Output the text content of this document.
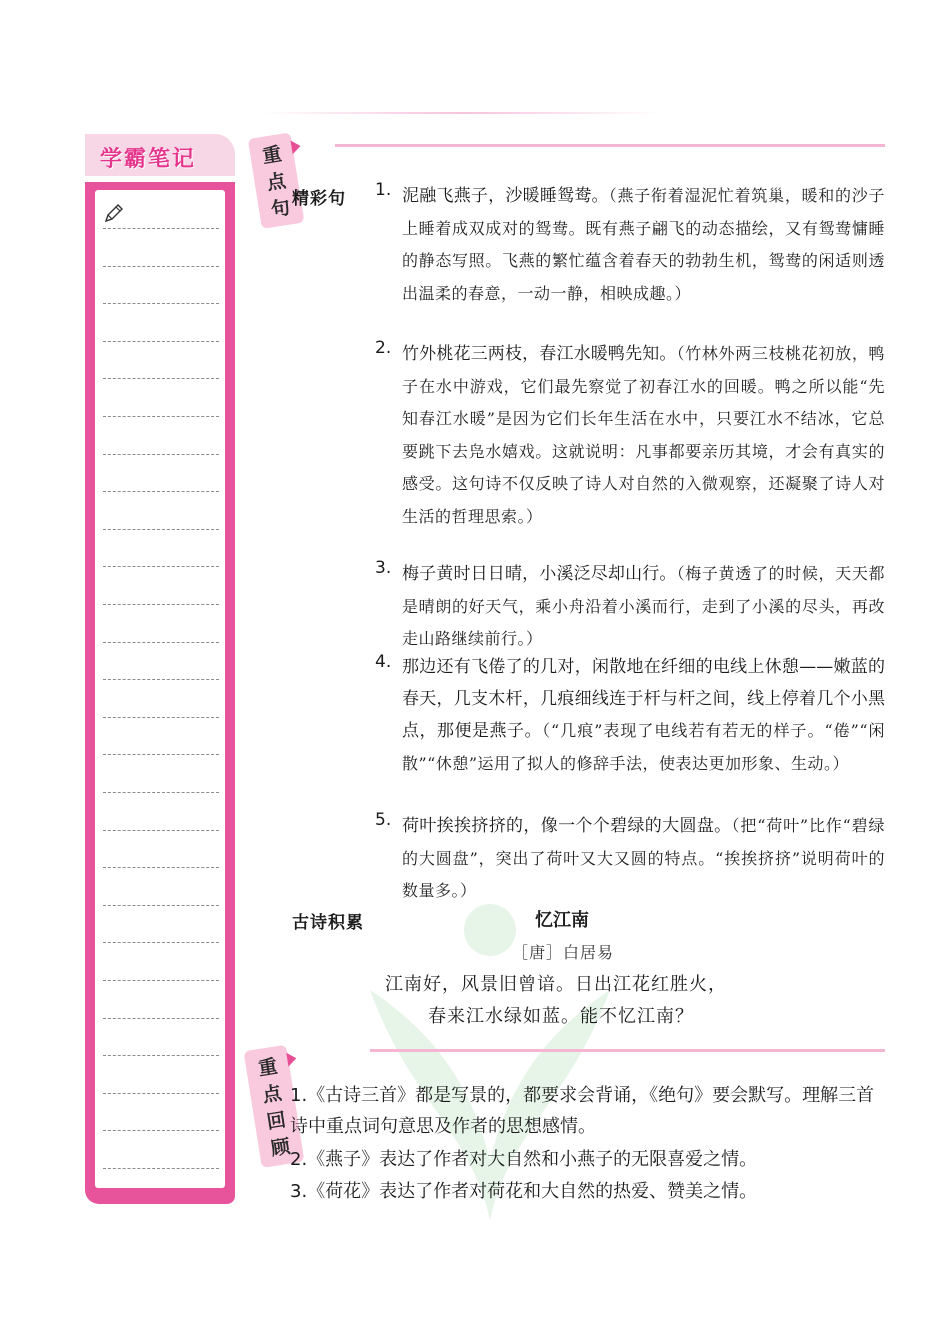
学霸笔记	重点句 精彩句 1. 泥融飞燕子，沙暖睡鸳鸯。（燕子衔着湿泥忙着筑巢，暖和的沙子上睡着成双成对的鸳鸯。既有燕子翩飞的动态描绘，又有鸳鸯慵睡的静态写照。飞燕的繁忙蕴含着春天的勃勃生机，鸳鸯的闲适则透出温柔的春意，一动一静，相映成趣。）
2. 竹外桃花三两枝，春江水暖鸭先知。（竹林外两三枝桃花初放，鸭子在水中游戏，它们最先察觉了初春江水的回暖。鸭之所以能“先知春江水暖”是因为它们长年生活在水中，只要江水不结冰，它总要跳下去凫水嬉戏。这就说明：凡事都要亲历其境，才会有真实的感受。这句诗不仅反映了诗人对自然的入微观察，还凝聚了诗人对生活的哲理思索。）
3. 梅子黄时日日晴，小溪泛尽却山行。（梅子黄透了的时候，天天都是晴朗的好天气，乘小舟沿着小溪而行，走到了小溪的尽头，再改走山路继续前行。）
4. 那边还有飞倦了的几对，闲散地在纤细的电线上休憩——嫩蓝的春天，几支木杆，几痕细线连于杆与杆之间，线上停着几个小黑点，那便是燕子。（“几痕”表现了电线若有若无的样子。“倦”“闲散”“休憩”运用了拟人的修辞手法，使表达更加形象、生动。）
5. 荷叶挨挨挤挤的，像一个个碧绿的大圆盘。（把“荷叶”比作“碧绿的大圆盘”，突出了荷叶又大又圆的特点。“挨挨挤挤”说明荷叶的数量多。）
古诗积累	忆江南
［唐］白居易
江南好，风景旧曾谙。日出江花红胜火，
春来江水绿如蓝。能不忆江南？
重点回顾
1.《古诗三首》都是写景的，都要求会背诵，《绝句》要会默写。理解三首诗中重点词句意思及作者的思想感情。
2.《燕子》表达了作者对大自然和小燕子的无限喜爱之情。
3.《荷花》表达了作者对荷花和大自然的热爱、赞美之情。
